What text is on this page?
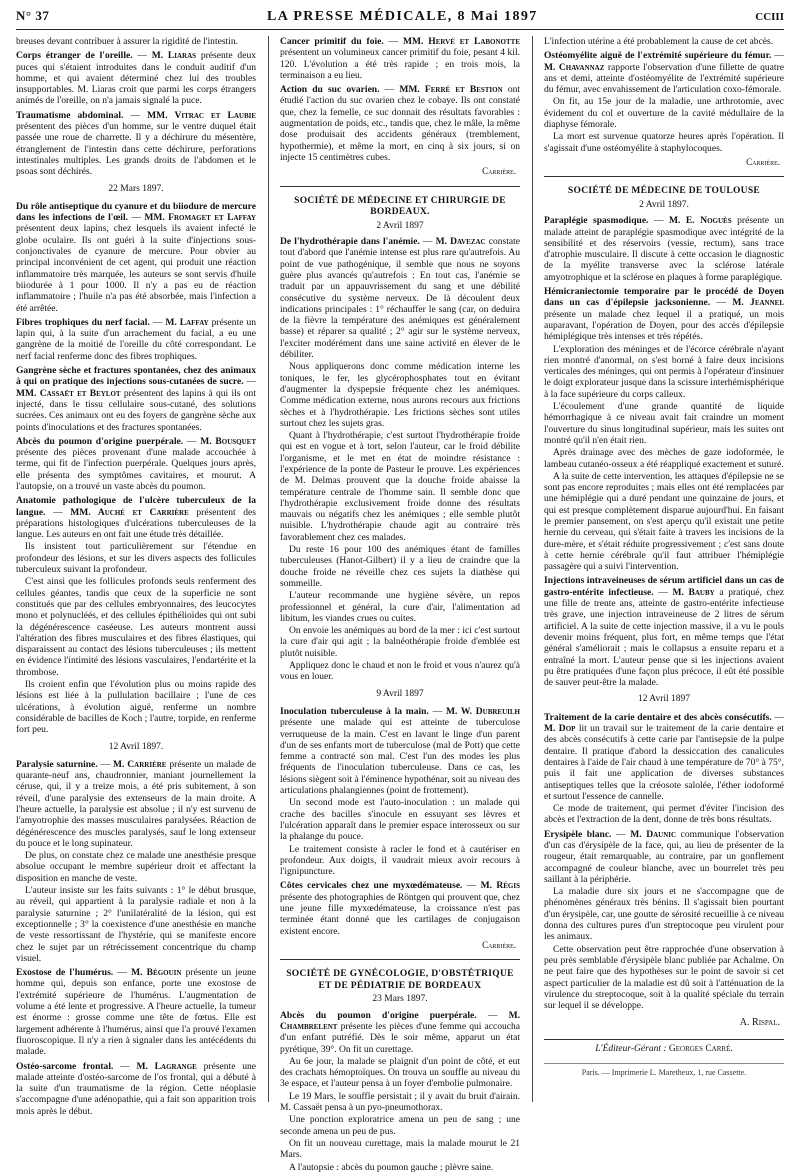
N° 37	LA PRESSE MÉDICALE, 8 Mai 1897	CCIII

breuses devant contribuer à assurer la rigidité de l'intestin.

Corps étranger de l'oreille. — M. Liaras présente deux puces qui s'étaient introduites dans le conduit auditif d'un homme, et qui avaient déterminé chez lui des troubles insupportables. M. Liaras croit que parmi les corps étrangers animés de l'oreille, on n'a jamais signalé la puce.

Traumatisme abdominal. — MM. Vitrac et Laubie présentent des pièces d'un homme, sur le ventre duquel était passée une roue de charrette. Il y a déchirure du mésentère, étranglement de l'intestin dans cette déchirure, perforations intestinales multiples. Les grands droits de l'abdomen et le psoas sont déchirés.

22 Mars 1897.

Du rôle antiseptique du cyanure et du biiodure de mercure dans les infections de l'œil. — MM. Fromaget et Laffay présentent deux lapins, chez lesquels ils avaient infecté le globe oculaire. Ils ont guéri à la suite d'injections sous-conjonctivales de cyanure de mercure. Pour obvier au principal inconvénient de cet agent, qui produit une réaction inflammatoire très marquée, les auteurs se sont servis d'huile biiodurée à 1 pour 1000. Il n'y a pas eu de réaction inflammatoire ; l'huile n'a pas été absorbée, mais l'infection a été arrêtée.

Fibres trophiques du nerf facial. — M. Laffay présente un lapin qui, à la suite d'un arrachement du facial, a eu une gangrène de la moitié de l'oreille du côté correspondant. Le nerf facial renferme donc des fibres trophiques.

Gangrène sèche et fractures spontanées, chez des animaux à qui on pratique des injections sous-cutanées de sucre. — MM. Cassaët et Beylot présentent des lapins à qui ils ont injecté, dans le tissu cellulaire sous-cutané, des solutions sucrées. Ces animaux ont eu des foyers de gangrène sèche aux points d'inoculations et des fractures spontanées.

Abcès du poumon d'origine puerpérale. — M. Bousquet présente des pièces provenant d'une malade accouchée à terme, qui fit de l'infection puerpérale. Quelques jours après, elle présenta des symptômes cavitaires, et mourut. A l'autopsie, on a trouvé un vaste abcès du poumon.

Anatomie pathologique de l'ulcère tuberculeux de la langue. — MM. Auché et Carrière présentent des préparations histologiques d'ulcérations tuberculeuses de la langue. Les auteurs en ont fait une étude très détaillée.

Ils insistent tout particulièrement sur l'étendue en profondeur des lésions, et sur les divers aspects des follicules tuberculeux suivant la profondeur.

C'est ainsi que les follicules profonds seuls renferment des cellules géantes, tandis que ceux de la superficie ne sont constitués que par des cellules embryonnaires, des leucocytes mono et polynucléés, et des cellules épithélioïdes qui ont subi la dégénérescence caséeuse. Les auteurs montrent aussi l'altération des fibres musculaires et des fibres élastiques, qui disparaissent au contact des lésions tuberculeuses ; ils mettent en évidence l'intimité des lésions vasculaires, l'endartérite et la thrombose.

Ils croient enfin que l'évolution plus ou moins rapide des lésions est liée à la pullulation bacillaire ; l'une de ces ulcérations, à évolution aiguë, renferme un nombre considérable de bacilles de Koch ; l'autre, torpide, en renferme fort peu.

12 Avril 1897.

Paralysie saturnine. — M. Carrière présente un malade de quarante-neuf ans, chaudronnier, maniant journellement la céruse, qui, il y a treize mois, a été pris subitement, à son réveil, d'une paralysie des extenseurs de la main droite. A l'heure actuelle, la paralysie est absolue ; il n'y est survenu de l'amyotrophie des masses musculaires paralysées. Réaction de dégénérescence des muscles paralysés, sauf le long extenseur du pouce et le long supinateur.

De plus, on constate chez ce malade une anesthésie presque absolue occupant le membre supérieur droit et affectant la disposition en manche de veste.

L'auteur insiste sur les faits suivants : 1° le début brusque, au réveil, qui appartient à la paralysie radiale et non à la paralysie saturnine ; 2° l'unilatéralité de la lésion, qui est exceptionnelle ; 3° la coexistence d'une anesthésie en manche de veste ressortissant de l'hystérie, qui se manifeste encore chez le sujet par un rétrécissement concentrique du champ visuel.

Exostose de l'humérus. — M. Bégouin présente un jeune homme qui, depuis son enfance, porte une exostose de l'extrémité supérieure de l'humérus. L'augmentation de volume a été lente et progressive. A l'heure actuelle, la tumeur est énorme : grosse comme une tête de fœtus. Elle est largement adhérente à l'humérus, ainsi que l'a prouvé l'examen fluoroscopique. Il n'y a rien à signaler dans les antécédents du malade.

Ostéo-sarcome frontal. — M. Lagrange présente une malade atteinte d'ostéo-sarcome de l'os frontal, qui a débuté à la suite d'un traumatisme de la région. Cette néoplasie s'accompagne d'une adénopathie, qui a fait son apparition trois mois après le début.

Cancer primitif du foie. — MM. Hervé et Labonotte présentent un volumineux cancer primitif du foie, pesant 4 kil. 120. L'évolution a été très rapide ; en trois mois, la terminaison a eu lieu.

Action du suc ovarien. — MM. Ferré et Bestion ont étudié l'action du suc ovarien chez le cobaye. Ils ont constaté que, chez la femelle, ce suc donnait des résultats favorables : augmentation de poids, etc., tandis que, chez le mâle, la même dose produisait des accidents généraux (tremblement, hypothermie), et même la mort, en cinq à six jours, si on injecte 15 centimètres cubes.

Carrière.
SOCIÉTÉ DE MÉDECINE ET CHIRURGIE DE BORDEAUX.
2 Avril 1897

De l'hydrothérapie dans l'anémie. — M. Davezac constate tout d'abord que l'anémie intense est plus rare qu'autrefois. Au point de vue pathogénique, il semble que nous ne soyons guère plus avancés qu'autrefois : En tout cas, l'anémie se traduit par un appauvrissement du sang et une débilité consécutive du système nerveux. De là découlent deux indications principales : 1° réchauffer le sang (car, on deduira de la fièvre la température des anémiques est généralement basse) et réparer sa qualité ; 2° agir sur le système nerveux, l'exciter modérément dans une saine activité en élever de le débiliter.

Nous appliquerons donc comme médication interne les toniques, le fer, les glycérophosphates tout en évitant d'augmenter la dyspepsie fréquente chez les anémiques. Comme médication externe, nous aurons recours aux frictions sèches et à l'hydrothérapie. Les frictions sèches sont utiles surtout chez les sujets gras.

Quant à l'hydrothérapie, c'est surtout l'hydrothérapie froide qui est en vogue et à tort, selon l'auteur, car le froid débilite l'organisme, et le met en état de moindre résistance : l'expérience de la ponte de Pasteur le prouve. Les expériences de M. Delmas prouvent que la douche froide abaisse la température centrale de l'homme sain. Il semble donc que l'hydrothérapie exclusivement froide donne des résultats mauvais ou négatifs chez les anémiques ; elle semble plutôt nuisible. L'hydrothérapie chaude agit au contraire très favorablement chez ces malades.

Du reste 16 pour 100 des anémiques étant de familles tuberculeuses (Hanot-Gilbert) il y a lieu de craindre que la douche froide ne réveille chez ces sujets la diathèse qui sommeille.

L'auteur recommande une hygiène sévère, un repos professionnel et général, la cure d'air, l'alimentation ad libitum, les viandes crues ou cuites.

On envoie les anémiques au bord de la mer : ici c'est surtout la cure d'air qui agit ; la balnéothérapie froide d'emblée est plutôt nuisible.

Appliquez donc le chaud et non le froid et vous n'aurez qu'à vous en louer.

9 Avril 1897

Inoculation tuberculeuse à la main. — M. W. Dubreuilh présente une malade qui est atteinte de tuberculose verruqueuse de la main. C'est en lavant le linge d'un parent d'un de ses enfants mort de tuberculose (mal de Pott) que cette femme a contracté son mal. C'est l'un des modes les plus fréquents de l'inoculation tuberculeuse. Dans ce cas, les lésions siègent soit à l'éminence hypothénar, soit au niveau des articulations phalangiennes (point de frottement).

Un second mode est l'auto-inoculation : un malade qui crache des bacilles s'inocule en essuyant ses lèvres et l'ulcération apparaît dans le premier espace interosseux ou sur la phalange du pouce.

Le traitement consiste à racler le fond et à cautériser en profondeur. Aux doigts, il vaudrait mieux avoir recours à l'ignipuncture.

Côtes cervicales chez une myxœdémateuse. — M. Régis présente des photographies de Röntgen qui prouvent que, chez une jeune fille myxœdémateuse, la croissance n'est pas terminée étant donné que les cartilages de conjugaison existent encore.

Carrière.
SOCIÉTÉ DE GYNÉCOLOGIE, D'OBSTÉTRIQUE ET DE PÉDIATRIE DE BORDEAUX
23 Mars 1897.

Abcès du poumon d'origine puerpérale. — M. Chambrelent présente les pièces d'une femme qui accoucha d'un enfant putréfié. Dès le soir même, apparut un état pyrétique, 39°. On fit un curettage.

Au 6e jour, la malade se plaignit d'un point de côté, et eut des crachats hémoptoïques. On trouva un souffle au niveau du 3e espace, et l'auteur pensa à un foyer d'embolie pulmonaire.

Le 19 Mars, le souffle persistait ; il y avait du bruit d'airain. M. Cassaët pensa à un pyo-pneumothorax.

Une ponction exploratrice amena un peu de sang ; une seconde amena un peu de pus.

On fit un nouveau curettage, mais la malade mourut le 21 Mars.

A l'autopsie : abcès du poumon gauche ; plèvre saine.

L'infection utérine a été probablement la cause de cet abcès.

Ostéomyélite aiguë de l'extrémité supérieure du fémur. — M. Chavannaz rapporte l'observation d'une fillette de quatre ans et demi, atteinte d'ostéomyélite de l'extrémité supérieure du fémur, avec envahissement de l'articulation coxo-fémorale.

On fit, au 15e jour de la maladie, une arthrotomie, avec évidement du col et ouverture de la cavité médullaire de la diaphyse fémorale.

La mort est survenue quatorze heures après l'opération. Il s'agissait d'une ostéomyélite à staphylocoques.

Carrière.
SOCIÉTÉ DE MÉDECINE DE TOULOUSE
2 Avril 1897.

Paraplégie spasmodique. — M. E. Noguès présente un malade atteint de paraplégie spasmodique avec intégrité de la sensibilité et des réservoirs (vessie, rectum), sans trace d'atrophie musculaire. Il discute à cette occasion le diagnostic de la myélite transverse avec la sclérose latérale amyotrophique et la sclérose en plaques à forme paraplégique.

Hémicraniectomie temporaire par le procédé de Doyen dans un cas d'épilepsie jacksonienne. — M. Jeannel présente un malade chez lequel il a pratiqué, un mois auparavant, l'opération de Doyen, pour des accès d'épilepsie hémiplégique très intenses et très répétés.

L'exploration des méninges et de l'écorce cérébrale n'ayant rien montré d'anormal, on s'est borné à faire deux incisions verticales des méninges, qui ont permis à l'opérateur d'insinuer le doigt explorateur jusque dans la scissure interhémisphérique à la face supérieure du corps calleux.

L'écoulement d'une grande quantité de liquide hémorrhagique à ce niveau avait fait craindre un moment l'ouverture du sinus longitudinal supérieur, mais les suites ont montré qu'il n'en était rien.

Après drainage avec des mèches de gaze iodoformée, le lambeau cutanéo-osseux a été réappliqué exactement et suturé.

A la suite de cette intervention, les attaques d'épilepsie ne se sont pas encore reproduites ; mais elles ont été remplacées par une hémiplégie qui a duré pendant une quinzaine de jours, et qui est presque complètement disparue aujourd'hui. En faisant le premier pansement, on s'est aperçu qu'il existait une petite hernie du cerveau, qui s'était faite à travers les incisions de la dure-mère, et s'était réduite progressivement ; c'est sans doute à cette hernie cérébrale qu'il faut attribuer l'hémiplégie passagère qui a suivi l'intervention.

Injections intraveineuses de sérum artificiel dans un cas de gastro-entérite infectieuse. — M. Bauby a pratiqué, chez une fille de trente ans, atteinte de gastro-entérite infectieuse très grave, une injection intraveineuse de 2 litres de sérum artificiel. A la suite de cette injection massive, il a vu le pouls devenir moins fréquent, plus fort, en même temps que l'état général s'améliorait ; mais le collapsus a ensuite reparu et a entraîné la mort. L'auteur pense que si les injections avaient pu être pratiquées d'une façon plus précoce, il eût été possible de sauver peut-être la malade.

12 Avril 1897

Traitement de la carie dentaire et des abcès consécutifs. — M. Dop lit un travail sur le traitement de la carie dentaire et des abcès consécutifs à cette carie par l'antisepsie de la pulpe dentaire. Il pratique d'abord la dessiccation des canalicules dentaires à l'aide de l'air chaud à une température de 70° à 75°, puis il fait une application de diverses substances antiseptiques telles que la créosote salolée, l'éther iodoformé et surtout l'essence de cannelle.

Ce mode de traitement, qui permet d'éviter l'incision des abcès et l'extraction de la dent, donne de très bons résultats.

Erysipèle blanc. — M. Daunic communique l'observation d'un cas d'érysipèle de la face, qui, au lieu de présenter de la rougeur, était remarquable, au contraire, par un gonflement accompagné de couleur blanche, avec un bourrelet très peu saillant à la périphérie.

La maladie dure six jours et ne s'accompagne que de phénomènes généraux très bénins. Il s'agissait bien pourtant d'un érysipèle, car, une goutte de sérosité recueillie à ce niveau donna des cultures pures d'un streptocoque peu virulent pour les animaux.

Cette observation peut être rapprochée d'une observation à peu près semblable d'érysipèle blanc publiée par Achalme. On ne peut faire que des hypothèses sur le point de savoir si cet aspect particulier de la maladie est dû soit à l'atténuation de la virulence du streptocoque, soit à la qualité spéciale du terrain sur lequel il se développe.

A. Rispal.
L'Éditeur-Gérant : Georges Carré.
Paris. — Imprimerie L. Maretheux, 1, rue Cassette.
